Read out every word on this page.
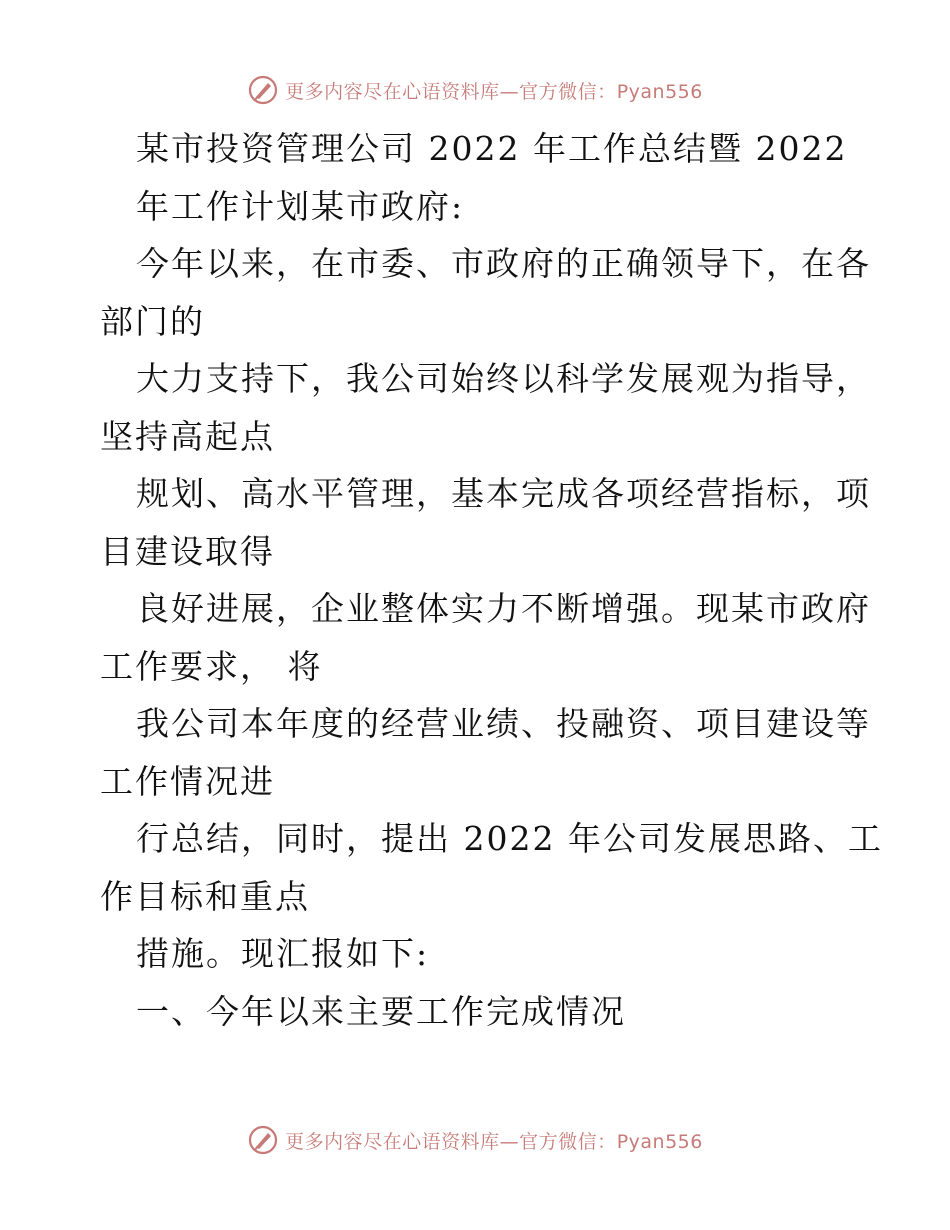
更多内容尽在心语资料库—官方微信：Pyan556
某市投资管理公司 2022 年工作总结暨 2022
年工作计划某市政府:
今年以来，在市委、市政府的正确领导下，在各
部门的
大力支持下，我公司始终以科学发展观为指导，
坚持高起点
规划、高水平管理，基本完成各项经营指标，项
目建设取得
良好进展，企业整体实力不断增强。现某市政府
工作要求， 将
我公司本年度的经营业绩、投融资、项目建设等
工作情况进
行总结，同时，提出 2022 年公司发展思路、工
作目标和重点
措施。现汇报如下:
一、今年以来主要工作完成情况
更多内容尽在心语资料库—官方微信：Pyan556
